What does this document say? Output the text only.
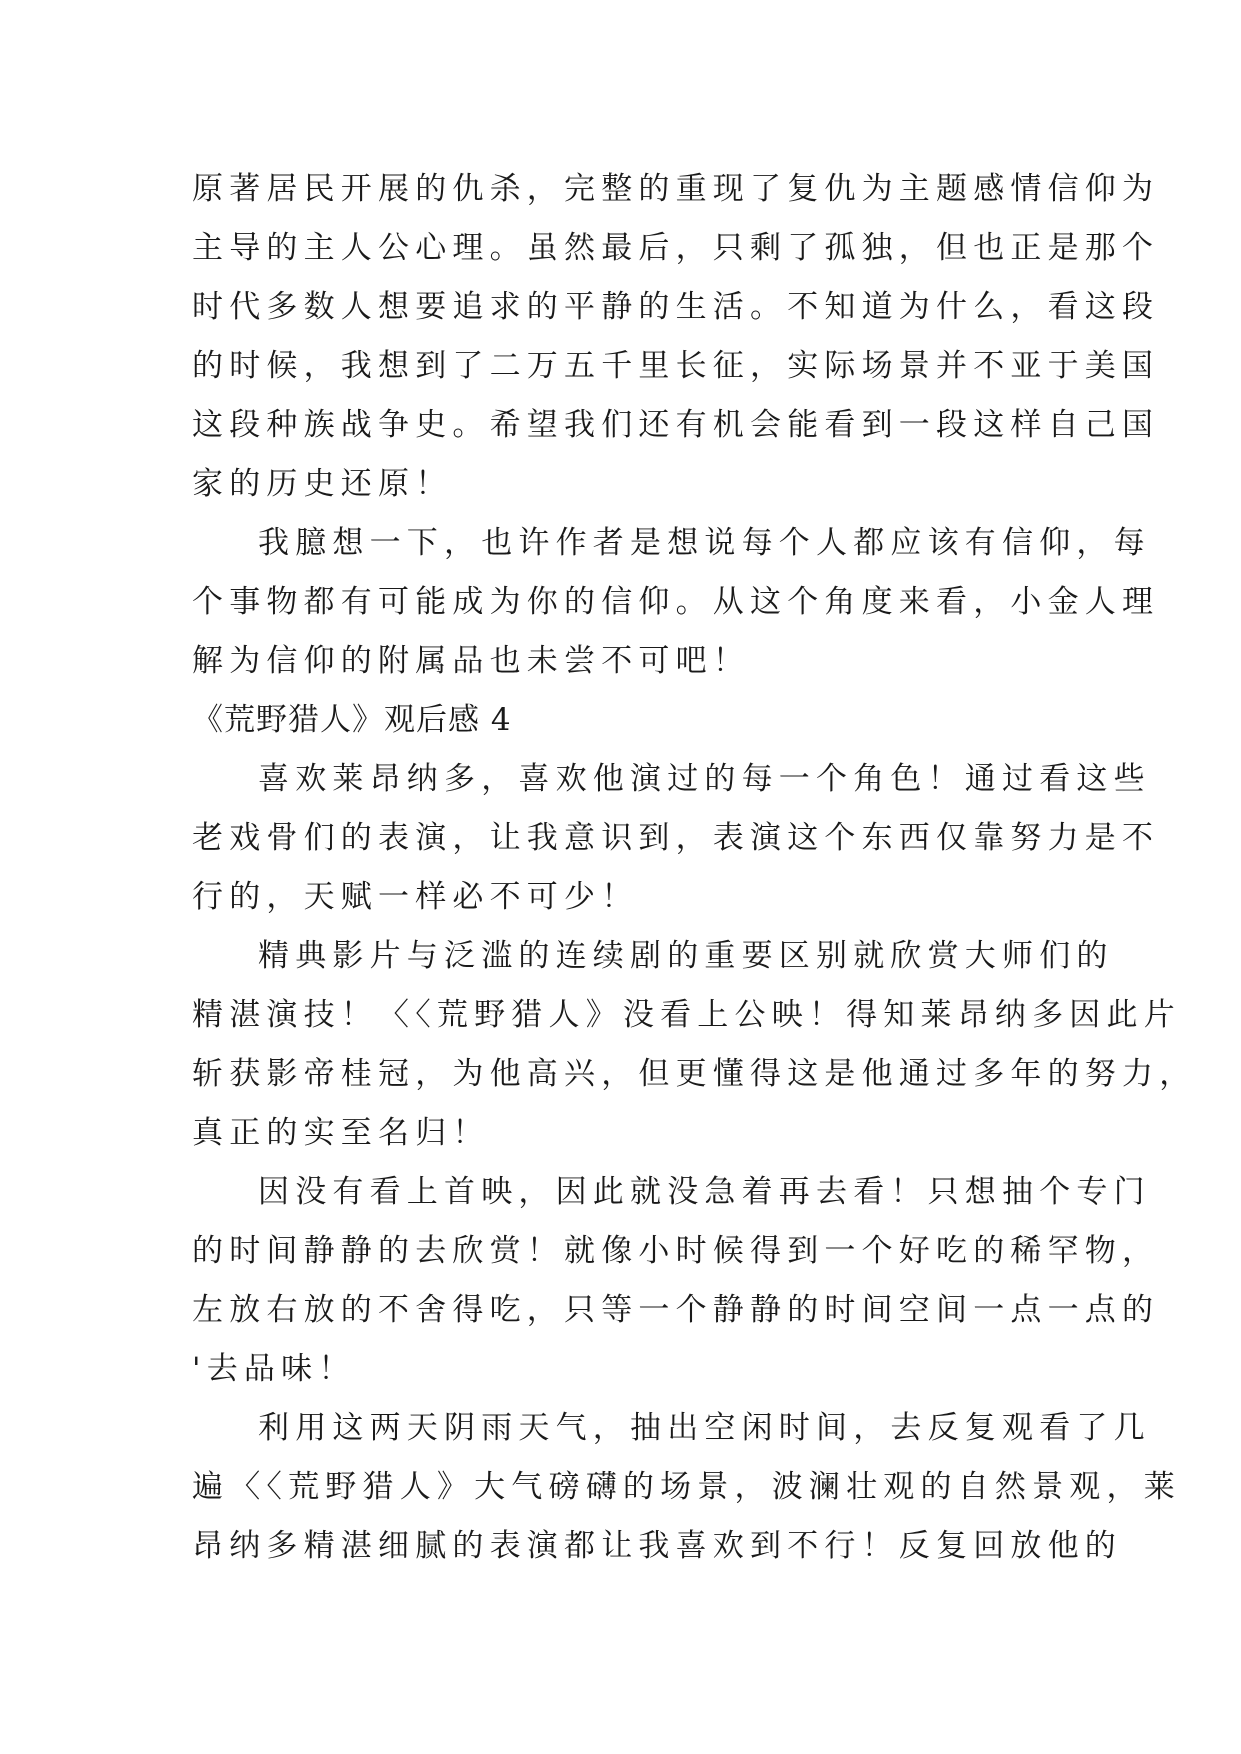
原著居民开展的仇杀，完整的重现了复仇为主题感情信仰为
主导的主人公心理。虽然最后，只剩了孤独，但也正是那个
时代多数人想要追求的平静的生活。不知道为什么，看这段
的时候，我想到了二万五千里长征，实际场景并不亚于美国
这段种族战争史。希望我们还有机会能看到一段这样自己国
家的历史还原！
我臆想一下，也许作者是想说每个人都应该有信仰，每
个事物都有可能成为你的信仰。从这个角度来看，小金人理
解为信仰的附属品也未尝不可吧！
《荒野猎人》观后感 4
喜欢莱昂纳多，喜欢他演过的每一个角色！通过看这些
老戏骨们的表演，让我意识到，表演这个东西仅靠努力是不
行的，天赋一样必不可少！
精典影片与泛滥的连续剧的重要区别就欣赏大师们的
精湛演技！〈〈荒野猎人》没看上公映！得知莱昂纳多因此片
斩获影帝桂冠，为他高兴，但更懂得这是他通过多年的努力，
真正的实至名归！
因没有看上首映，因此就没急着再去看！只想抽个专门
的时间静静的去欣赏！就像小时候得到一个好吃的稀罕物，
左放右放的不舍得吃，只等一个静静的时间空间一点一点的
'去品味！
利用这两天阴雨天气，抽出空闲时间，去反复观看了几
遍〈〈荒野猎人》大气磅礴的场景，波澜壮观的自然景观，莱
昂纳多精湛细腻的表演都让我喜欢到不行！反复回放他的
